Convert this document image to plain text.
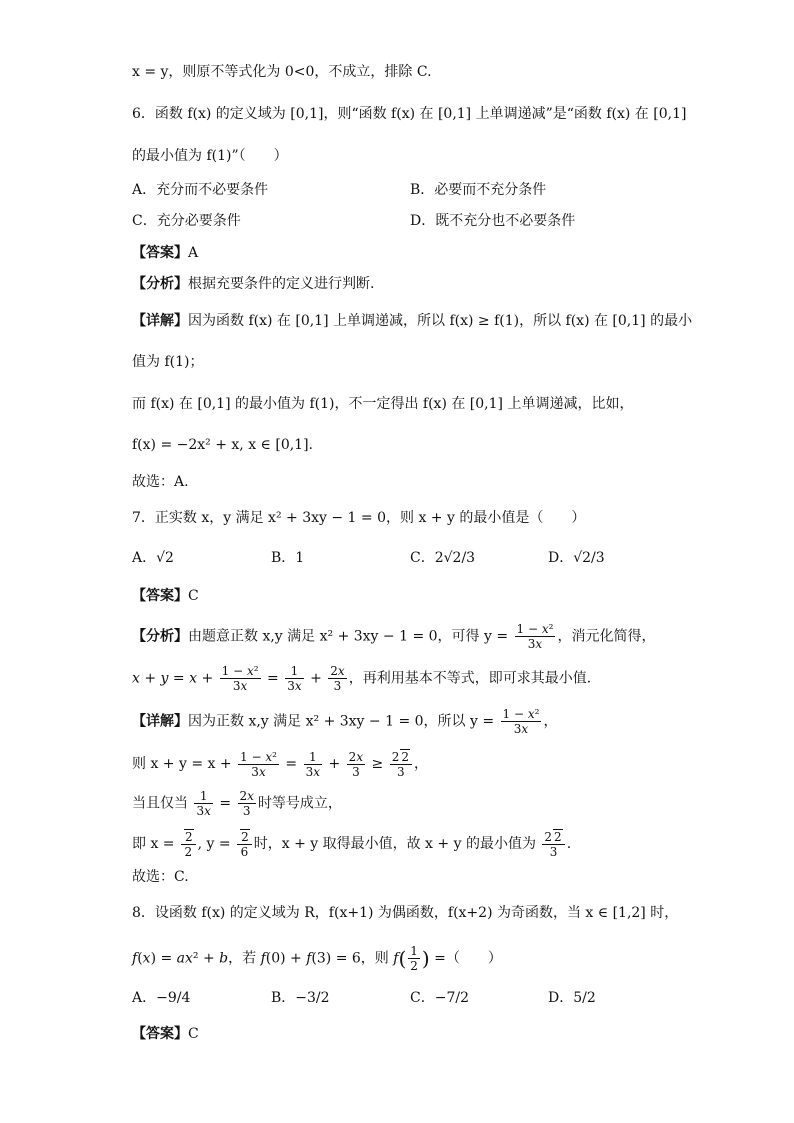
x = y，则原不等式化为 0<0，不成立，排除 C.
6．函数 f(x) 的定义域为 [0,1]，则“函数 f(x) 在 [0,1] 上单调递减”是“函数 f(x) 在 [0,1]
的最小值为 f(1)”（　　）
A．充分而不必要条件	B．必要而不充分条件
C．充分必要条件	D．既不充分也不必要条件
【答案】A
【分析】根据充要条件的定义进行判断.
【详解】因为函数 f(x) 在 [0,1] 上单调递减，所以 f(x) ≥ f(1)，所以 f(x) 在 [0,1] 的最小
值为 f(1)；
而 f(x) 在 [0,1] 的最小值为 f(1)，不一定得出 f(x) 在 [0,1] 上单调递减，比如，
f(x) = −2x² + x, x ∈ [0,1].
故选：A.
7．正实数 x，y 满足 x² + 3xy − 1 = 0，则 x + y 的最小值是（　　）
A．√2	B．1	C．2√2/3	D．√2/3
【答案】C
【分析】由题意正数 x,y 满足 x² + 3xy − 1 = 0，可得 $y = \frac{\text{1 − x²}}{3x}$ ，消元化简得，
$x + y = x + \frac{\text{1 − x²}}{3x} = \frac{1}{3x} + \frac{2x}{3}$ ，再利用基本不等式，即可求其最小值.
【详解】因为正数 x,y 满足 x² + 3xy − 1 = 0，所以 $y = \frac{\text{1 − x²}}{3x}$ ，
则 $x + y = x + \frac{\text{1 − x²}}{3x} = \frac{1}{3x} + \frac{2x}{3} \ge \frac{2 2}{3}$ ，
当且仅当 $\frac{1}{3x} = \frac{2x}{3}$ 时等号成立，
即 $x = \frac{2}{2}$ , $y = \frac{2}{6}$ 时，x + y 取得最小值，故 x + y 的最小值为 $\frac{2 2}{3}$ .
故选：C.
8．设函数 f(x) 的定义域为 R，f(x+1) 为偶函数，f(x+2) 为奇函数，当 x ∈ [1,2] 时，
f(x) = ax² + b，若 f(0) + f(3) = 6，则 $f( \frac{1}{2}$ ) =（　　）
A．−9/4	B．−3/2	C．−7/2	D．5/2
【答案】C
